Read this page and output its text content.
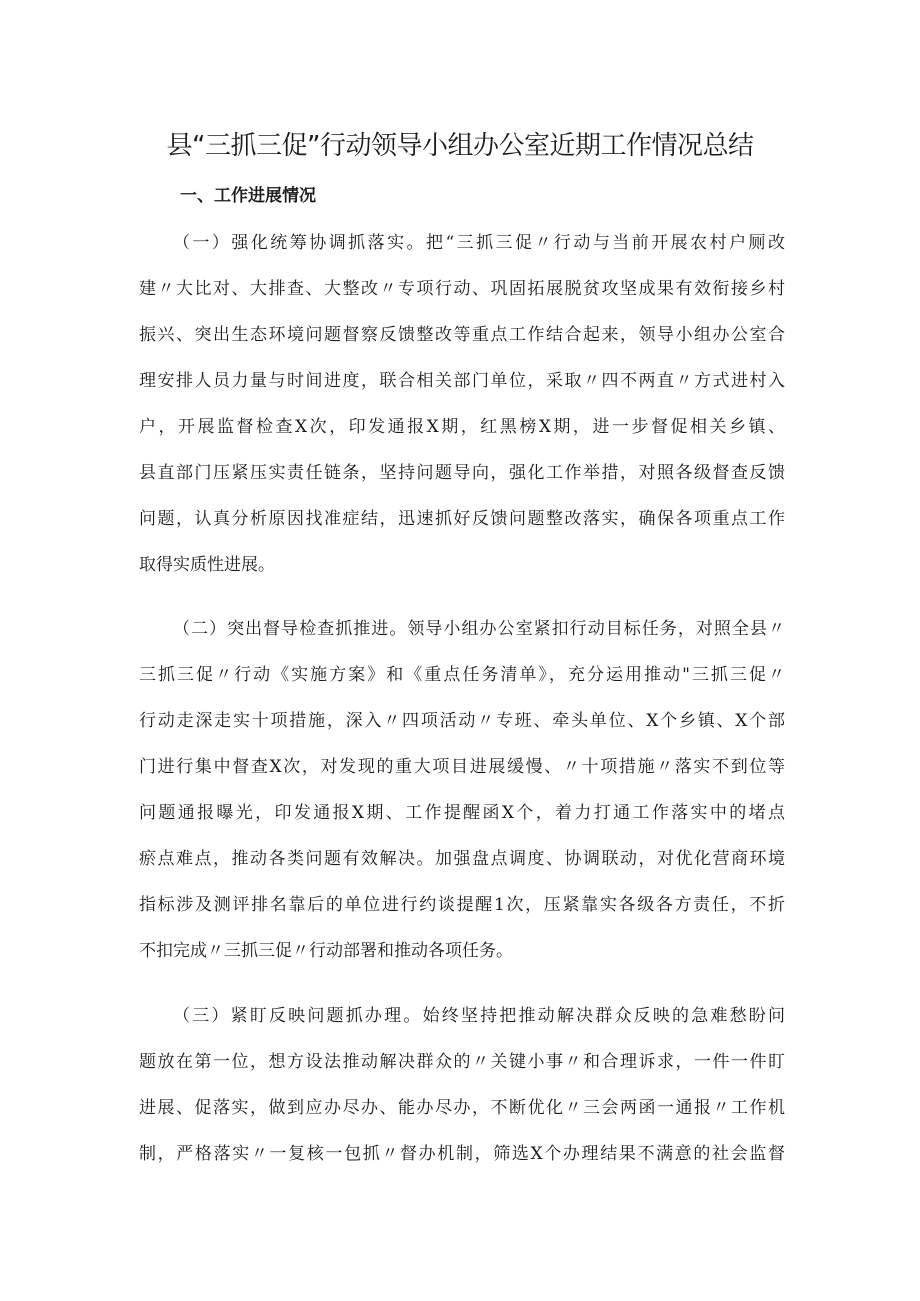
县“三抓三促”行动领导小组办公室近期工作情况总结
一、工作进展情况
（一）强化统筹协调抓落实。把“三抓三促〃行动与当前开展农村户厕改
建〃大比对、大排查、大整改〃专项行动、巩固拓展脱贫攻坚成果有效衔接乡村
振兴、突出生态环境问题督察反馈整改等重点工作结合起来，领导小组办公室合
理安排人员力量与时间进度，联合相关部门单位，采取〃四不两直〃方式进村入
户，开展监督检查X次，印发通报X期，红黑榜X期，进一步督促相关乡镇、
县直部门压紧压实责任链条，坚持问题导向，强化工作举措，对照各级督查反馈
问题，认真分析原因找准症结，迅速抓好反馈问题整改落实，确保各项重点工作
取得实质性进展。
（二）突出督导检查抓推进。领导小组办公室紧扣行动目标任务，对照全县〃
三抓三促〃行动《实施方案》和《重点任务清单》，充分运用推动"三抓三促〃
行动走深走实十项措施，深入〃四项活动〃专班、牵头单位、X个乡镇、X个部
门进行集中督查X次，对发现的重大项目进展缓慢、〃十项措施〃落实不到位等
问题通报曝光，印发通报X期、工作提醒函X个，着力打通工作落实中的堵点
瘀点难点，推动各类问题有效解决。加强盘点调度、协调联动，对优化营商环境
指标涉及测评排名靠后的单位进行约谈提醒1次，压紧靠实各级各方责任，不折
不扣完成〃三抓三促〃行动部署和推动各项任务。
（三）紧盯反映问题抓办理。始终坚持把推动解决群众反映的急难愁盼问
题放在第一位，想方设法推动解决群众的〃关键小事〃和合理诉求，一件一件盯
进展、促落实，做到应办尽办、能办尽办，不断优化〃三会两函一通报〃工作机
制，严格落实〃一复核一包抓〃督办机制，筛选X个办理结果不满意的社会监督
